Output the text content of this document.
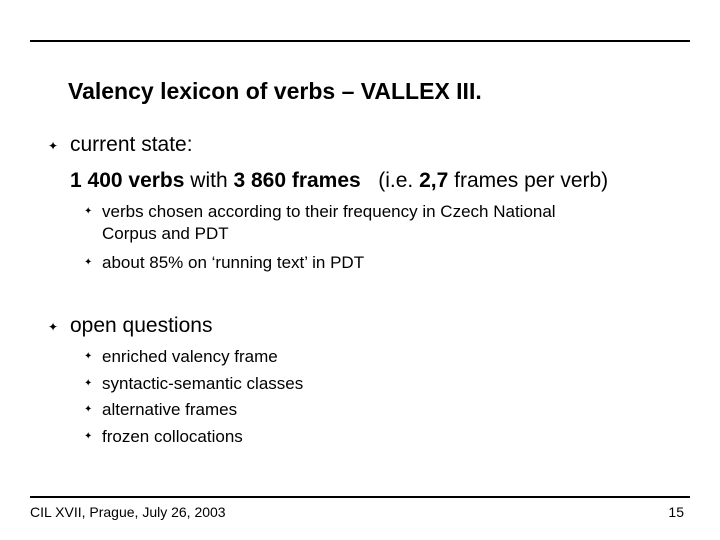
Valency lexicon of verbs – VALLEX III.
✦ current state:
1 400 verbs with 3 860 frames   (i.e. 2,7 frames per verb)
✦ verbs chosen according to their frequency in Czech National
Corpus and PDT
✦ about 85% on ‘running text’ in PDT
✦ open questions
✦ enriched valency frame
✦ syntactic-semantic classes
✦ alternative frames
✦ frozen collocations
CIL XVII, Prague, July 26, 2003	15
